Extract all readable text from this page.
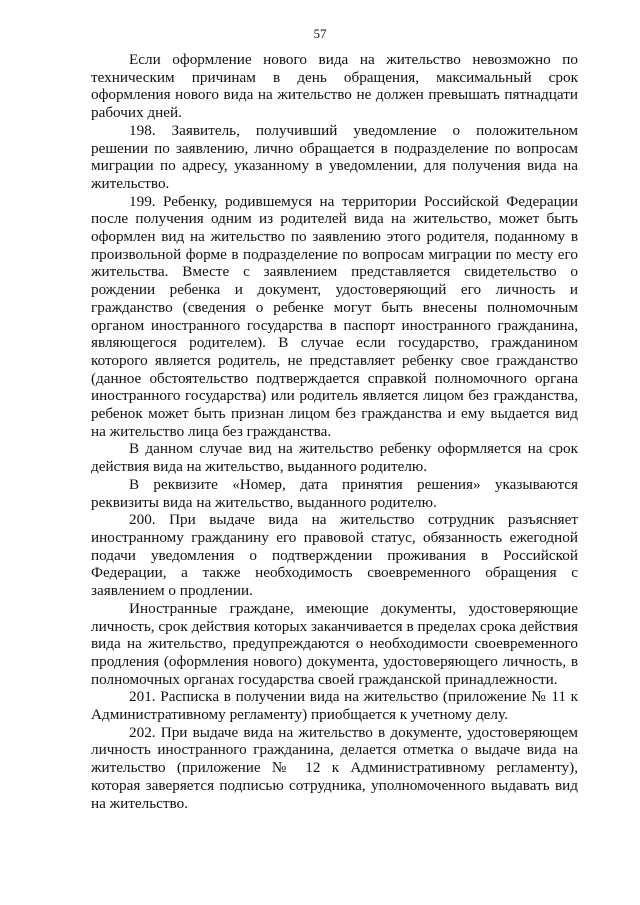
57

Если оформление нового вида на жительство невозможно по техническим причинам в день обращения, максимальный срок оформления нового вида на жительство не должен превышать пятнадцати рабочих дней.

198. Заявитель, получивший уведомление о положительном решении по заявлению, лично обращается в подразделение по вопросам миграции по адресу, указанному в уведомлении, для получения вида на жительство.

199. Ребенку, родившемуся на территории Российской Федерации после получения одним из родителей вида на жительство, может быть оформлен вид на жительство по заявлению этого родителя, поданному в произвольной форме в подразделение по вопросам миграции по месту его жительства. Вместе с заявлением представляется свидетельство о рождении ребенка и документ, удостоверяющий его личность и гражданство (сведения о ребенке могут быть внесены полномочным органом иностранного государства в паспорт иностранного гражданина, являющегося родителем). В случае если государство, гражданином которого является родитель, не представляет ребенку свое гражданство (данное обстоятельство подтверждается справкой полномочного органа иностранного государства) или родитель является лицом без гражданства, ребенок может быть признан лицом без гражданства и ему выдается вид на жительство лица без гражданства.

В данном случае вид на жительство ребенку оформляется на срок действия вида на жительство, выданного родителю.

В реквизите «Номер, дата принятия решения» указываются реквизиты вида на жительство, выданного родителю.

200. При выдаче вида на жительство сотрудник разъясняет иностранному гражданину его правовой статус, обязанность ежегодной подачи уведомления о подтверждении проживания в Российской Федерации, а также необходимость своевременного обращения с заявлением о продлении.

Иностранные граждане, имеющие документы, удостоверяющие личность, срок действия которых заканчивается в пределах срока действия вида на жительство, предупреждаются о необходимости своевременного продления (оформления нового) документа, удостоверяющего личность, в полномочных органах государства своей гражданской принадлежности.

201. Расписка в получении вида на жительство (приложение № 11 к Административному регламенту) приобщается к учетному делу.

202. При выдаче вида на жительство в документе, удостоверяющем личность иностранного гражданина, делается отметка о выдаче вида на жительство (приложение № 12 к Административному регламенту), которая заверяется подписью сотрудника, уполномоченного выдавать вид на жительство.
